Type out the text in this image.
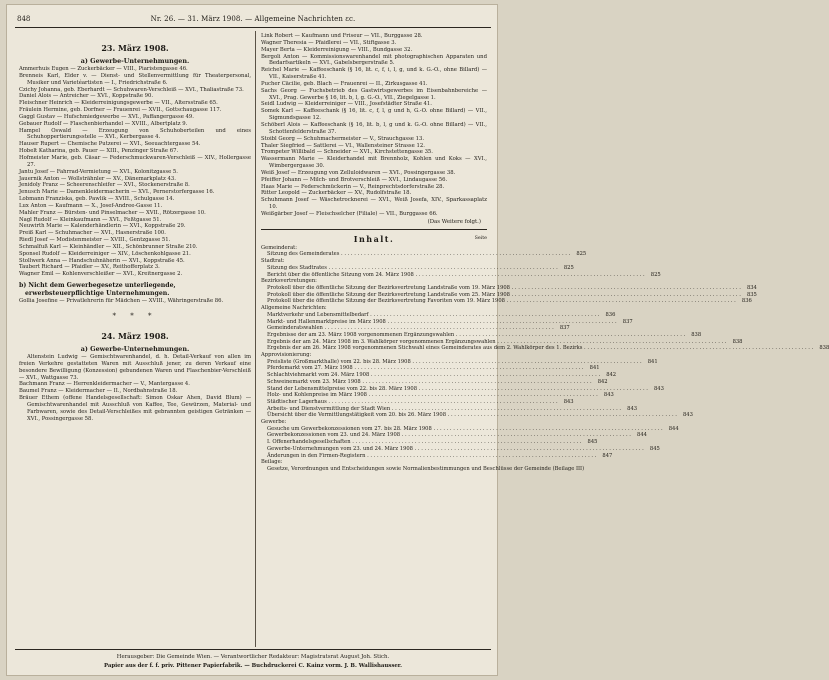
848	Nr. 26. — 31. März 1908. — Allgemeine Nachrichten ɛc.
23. März 1908.
a) Gewerbe-Unternehmungen.
Ammerhuis Eugen — Zuckerbäcker — VIII., Piaristengasse 46.
Brenneis Karl, Elder v. — Dienst- und Stellenvermittlung für Theaterpersonal, Musiker und Varietéartisten — I., Friedrichstraße 6.
Czichy Johanna, geb. Eberhardt — Schuhwaren-Verschleiß — XVI., Thaliastraße 73.
Daniel Alois — Antreicher — XVI., Koppstraße 90.
Fleischner Heinrich — Kleiderreinigungsgewerbe — VII., Altersstraße 65.
Fräulein Hermine, geb. Dorfner — Frauenrei — XVII., Gottschaugasse 117.
Gaggl Gustav — Hufschmiedgewerbe — XVI., Paffangergasse 49.
Gebauer Rudolf — Flaschenbierhandel — XVIII., Albertplatz 9.
Hampel Oswald — Erzeugung von Schuhoberteilen und eines Schuhoppertierungsstelle — XVI., Kerbergasse 4.
Hauser Rupert — Chemische Putzerei — XVI., Seeuachtergasse 54.
Hobelt Katharina, geb. Pauer — XIII., Penzinger Straße 67.
Hofmeister Marie, geb. Cäsar — Federschmuckwaren-Verschleiß — XIV., Hollergasse 27.
Jantu Josef — Fahrrad-Vermietung — XVI., Kolonitzgasse 5.
Jauernik Anton — Wollsträhnler — XV., Dänemarkplatz 43.
Jenidoly Franz — Scheerenschleifer — XVI., Stockenerstraße 8.
Jenusch Marie — Damenkleidermacherin — XVI., Pernerstorfergasse 16.
Lobmann Franziska, geb. Pawlik — XVIII., Schulgasse 14.
Lux Anton — Kaufmann — X., Josef-Andree-Gasse 11.
Mahler Franz — Bürsten- und Pinselmacher — XVII., Rötzergasse 10.
Nagl Rudolf — Kleinkaufmann — XVI., Feßtgasse 51.
Neuwirth Marie — Kalenderhändlerin — XVI., Koppstraße 29.
Preiß Karl — Schuhmacher — XVI., Hasnerstraße 100.
Riedl Josef — Modistenmeister — XVIII., Gentzgasse 51.
Schmalfuß Karl — Kleinhändler — XII., Schönbrunner Straße 210.
Sponsel Rudolf — Kleiderreiniger — XIV., Löschenkohlgasse 21.
Stollwerk Anna — Handschuhnäherin — XVI., Koppstraße 45.
Taubert Richard — Pfaidler — XV., Reithofferplatz 3.
Wagner Emil — Kohlenverschleißer — XVI., Kreitnergasse 2.
b) Nicht dem Gewerbegesetze unterliegende, erwerbsteuerpflichtige Unternehmungen.
Gollia Josefine — Privatlehrerin für Mädchen — XVIII., Währingerstraße 86.
* * *
24. März 1908.
a) Gewerbe-Unternehmungen.
Altenstein Ludwig — Gemischtwarenhandel, d. h. Detail-Verkauf von allen im freien Verkehre gestatteten Waren mit Ausschluß jener, zu deren Verkauf eine besondere Bewilligung (Konzession) gebundenen Waren und Flaschenbier-Verschleiß — XVI., Wattgasse 73.
Bachmann Franz — Herrenkleidermacher — V., Mantergasse 4.
Baumel Franz — Kleidermacher — II., Nordbahnstraße 18.
Bräuer Ethem (offene Handelsgesellschaft: Simon Oskar Ahen, David Blum) — Gemischtwarenhandel mit Ausschluß von Kaffee, Tee, Gewürzen, Material- und Farbwaren, sowie des Detail-Verschleißes mit gebrannten geistigen Getränken — XVI., Possingergasse 58.
Link Robert — Kaufmann und Friseur — VII., Burggasse 28.
Wagner Theresia — Pfaidlerei — VII., Stiftgasse 3.
Mayer Berta — Kleiderreinigung — VIII., Bundgasse 32.
Bergoli Anton — Kommissionswarenhandel mit photographischen Apparaten und Bedarfsartikeln — XVI., Gabelsbergerstraße 5.
Reichel Marie — Kaffeeschank (§ 16, lit. c, f, i, l, g, und k. G.-O., ohne Billard) — VII., Kaiserstraße 41.
Pucher Cäcilie, geb. Blach — Frauenrei — II., Zirkusgasse 41.
Sachs Georg — Fuchsbetrieb des Gastwirtsgewerbes im Eisenbahnbereiche — XVI., Prag. Gewerbe § 16, lit. b, l, g. G.-O., VII., Ziegelgasse 1.
Seidl Ludwig — Kleiderreiniger — VIII., Josefstädter Straße 41.
Somek Karl — Kaffeeschank (§ 16, lit. c, f, l, g und h, G.-O. ohne Billard) — VII., Sigmundsgasse 12.
Schöberl Alois — Kaffeeschank (§ 16, lit. b, l, g und k. G.-O. ohne Billard) — VII., Schottenfelderstraße 37.
Stoibl Georg — Schuhmachermeister — V., Strauchgasse 13.
Thaler Siegfried — Sattlerei — VI., Wallensteiner Strasse 12.
Trompeter Willibald — Schneider — XVI., Kirchstettengasse 35.
Wassermann Marie — Kleiderhandel mit Brennholz, Kohlen und Koks — XVI., Wimbergergasse 30.
Weiß Josef — Erzeugung von Zelluloidwaren — XVI., Possingergasse 38.
Pfeiffer Johann — Milch- und Brotverschleiß — XVI., Lindaugasse 56.
Haas Marie — Federschmückerin — V., Reinprechtsdorferstraße 28.
Ritter Leopold — Zuckerbäcker — XV., Rudolfstraße 18.
Schuhmann Josef — Wäschetrocknerei — XVI., Weiß Josefa, XIV., Sparkassaplatz 10.
Weißgärber Josef — Fleischselcher (Filiale) — VII., Burggasse 66.
(Das Weitere folgt.)
Inhalt.	Seite
Gemeinderat:
Sitzung des Gemeinderates . . .	825
Stadtrat:
Sitzung des Stadtrates . . .	825
Bericht über die öffentliche Sitzung vom 24. März 1908 . . .	825
Bezirksvertretungen:
Protokoll über die öffentliche Sitzung der Bezirksvertretung Landstraße vom 19. März 1908 . . .	834
Protokoll über die öffentliche Sitzung der Bezirksvertretung Landstraße vom 25. März 1908 . . .	835
Protokoll über die öffentliche Sitzung der Bezirksvertretung Favoriten vom 19. März 1908 . . .	836
Allgemeine Nachrichten:
Marktverkehr und Lebensmittelbedarf . . .	836
Markt- und Hallenmarktpreise im März 1908 . . .	837
Gemeinderatswahlen . . .	837
Ergebnisse der am 23. März 1908 vorgenommenen Ergänzungswahlen . . .	838
Ergebnis der am 24. März 1908 im 3. Wahlkörper vorgenommenen Ergänzungswahlen . . .	838
Ergebnis der am 26. März 1908 vorgenommenen Stichwahl eines Gemeinderates aus dem 2. Wahlkörper des 1. Bezirks . . .	838
Approvisionierung:
Preisliste (Großmarkthalle) vom 22. bis 28. März 1908 . . .	841
Pferdemarkt vom 27. März 1908 . . .	841
Schlachtviehmarkt vom 24. März 1908 . . .	842
Schweinemarkt vom 23. März 1908 . . .	842
Stand der Lebensmittelpreise vom 22. bis 28. März 1908 . . .	843
Holz- und Kohlenpreise im März 1908 . . .	843
Städtischer Lagerhaus . . .	843
Arbeits- und Dienstvermittlung der Stadt Wien . . .	843
Übersicht über die Vermittlungstätigkeit vom 20. bis 26. März 1908 . . .	843
Gewerbe:
Gesuche um Gewerbekonzessionen vom 27. bis 28. März 1908 . . .	844
Gewerbekonzessionen vom 23. und 24. März 1908 . . .	844
I. Offenerhandelsgesellschaften . . .	845
Gewerbe-Unternehmungen vom 23. und 24. März 1908 . . .	845
Änderungen in den Firmen-Registern . . .	847
Beilage:
Gesetze, Verordnungen und Entscheidungen sowie Normalienbestimmungen und Beschlüsse der Gemeinde (Beilage III)
Herausgeber: Die Gemeinde Wien. — Verantwortlicher Redakteur: Magistratsrat August Joh. Stich.
Papier aus der f. f. priv. Pittener Papierfabrik. — Buchdruckerei C. Kainz vorm. J. B. Wallishausser.
